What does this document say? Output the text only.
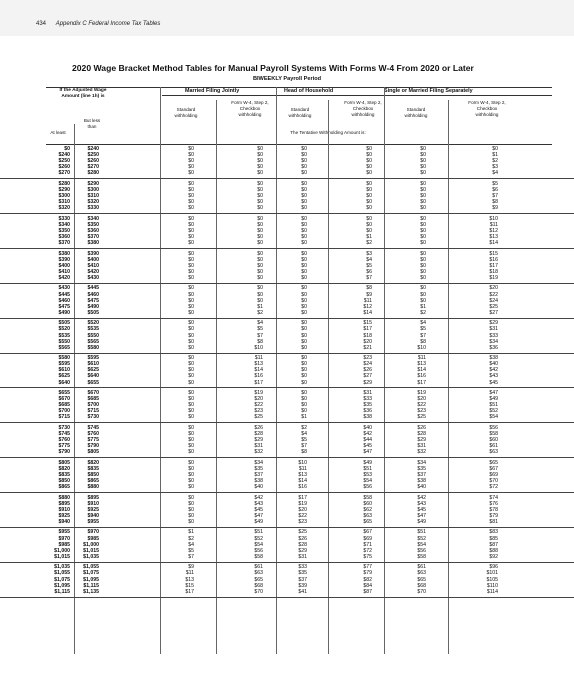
434 Appendix C Federal Income Tax Tables
2020 Wage Bracket Method Tables for Manual Payroll Systems With Forms W-4 From 2020 or Later
BIWEEKLY Payroll Period
If the Adjusted Wage
Amount (line 1h) is
Married Filing Jointly	Head of Household	Single or Married Filing Separately
Standard
withholding
Form W-4, Step 2,
Checkbox
withholding
Standard
withholding
Form W-4, Step 2,
Checkbox
withholding
Standard
withholding
Form W-4, Step 2,
Checkbox
withholding
But less
than
At least	The Tentative Withholding Amount is:
$0	$240	$0	$0	$0	$0	$0	$0
$240	$250	$0	$0	$0	$0	$0	$1
$250	$260	$0	$0	$0	$0	$0	$2
$260	$270	$0	$0	$0	$0	$0	$3
$270	$280	$0	$0	$0	$0	$0	$4
$280	$290	$0	$0	$0	$0	$0	$5
$290	$300	$0	$0	$0	$0	$0	$6
$300	$310	$0	$0	$0	$0	$0	$7
$310	$320	$0	$0	$0	$0	$0	$8
$320	$330	$0	$0	$0	$0	$0	$9
$330	$340	$0	$0	$0	$0	$0	$10
$340	$350	$0	$0	$0	$0	$0	$11
$350	$360	$0	$0	$0	$0	$0	$12
$360	$370	$0	$0	$0	$1	$0	$13
$370	$380	$0	$0	$0	$2	$0	$14
$380	$390	$0	$0	$0	$3	$0	$15
$390	$400	$0	$0	$0	$4	$0	$16
$400	$410	$0	$0	$0	$5	$0	$17
$410	$420	$0	$0	$0	$6	$0	$18
$420	$430	$0	$0	$0	$7	$0	$19
$430	$445	$0	$0	$0	$8	$0	$20
$445	$460	$0	$0	$0	$9	$0	$22
$460	$475	$0	$0	$0	$11	$0	$24
$475	$490	$0	$1	$0	$12	$1	$25
$490	$505	$0	$2	$0	$14	$2	$27
$505	$520	$0	$4	$0	$15	$4	$29
$520	$535	$0	$5	$0	$17	$5	$31
$535	$550	$0	$7	$0	$18	$7	$33
$550	$565	$0	$8	$0	$20	$8	$34
$565	$580	$0	$10	$0	$21	$10	$36
$580	$595	$0	$11	$0	$23	$11	$38
$595	$610	$0	$13	$0	$24	$13	$40
$610	$625	$0	$14	$0	$26	$14	$42
$625	$640	$0	$16	$0	$27	$16	$43
$640	$655	$0	$17	$0	$29	$17	$45
$655	$670	$0	$19	$0	$31	$19	$47
$670	$685	$0	$20	$0	$33	$20	$49
$685	$700	$0	$22	$0	$35	$22	$51
$700	$715	$0	$23	$0	$36	$23	$52
$715	$730	$0	$25	$1	$38	$25	$54
$730	$745	$0	$26	$2	$40	$26	$56
$745	$760	$0	$28	$4	$42	$28	$58
$760	$775	$0	$29	$5	$44	$29	$60
$775	$790	$0	$31	$7	$45	$31	$61
$790	$805	$0	$32	$8	$47	$32	$63
$805	$820	$0	$34	$10	$49	$34	$65
$820	$835	$0	$35	$11	$51	$35	$67
$835	$850	$0	$37	$13	$53	$37	$69
$850	$865	$0	$38	$14	$54	$38	$70
$865	$880	$0	$40	$16	$56	$40	$72
$880	$895	$0	$42	$17	$58	$42	$74
$895	$910	$0	$43	$19	$60	$43	$76
$910	$925	$0	$45	$20	$62	$45	$78
$925	$940	$0	$47	$22	$63	$47	$79
$940	$955	$0	$49	$23	$65	$49	$81
$955	$970	$1	$51	$25	$67	$51	$83
$970	$985	$2	$52	$26	$69	$52	$85
$985	$1,000	$4	$54	$28	$71	$54	$87
$1,000	$1,015	$5	$56	$29	$72	$56	$88
$1,015	$1,035	$7	$58	$31	$75	$58	$92
$1,035	$1,055	$9	$61	$33	$77	$61	$96
$1,055	$1,075	$11	$63	$35	$79	$63	$101
$1,075	$1,095	$13	$65	$37	$82	$65	$105
$1,095	$1,115	$15	$68	$39	$84	$68	$110
$1,115	$1,135	$17	$70	$41	$87	$70	$114
